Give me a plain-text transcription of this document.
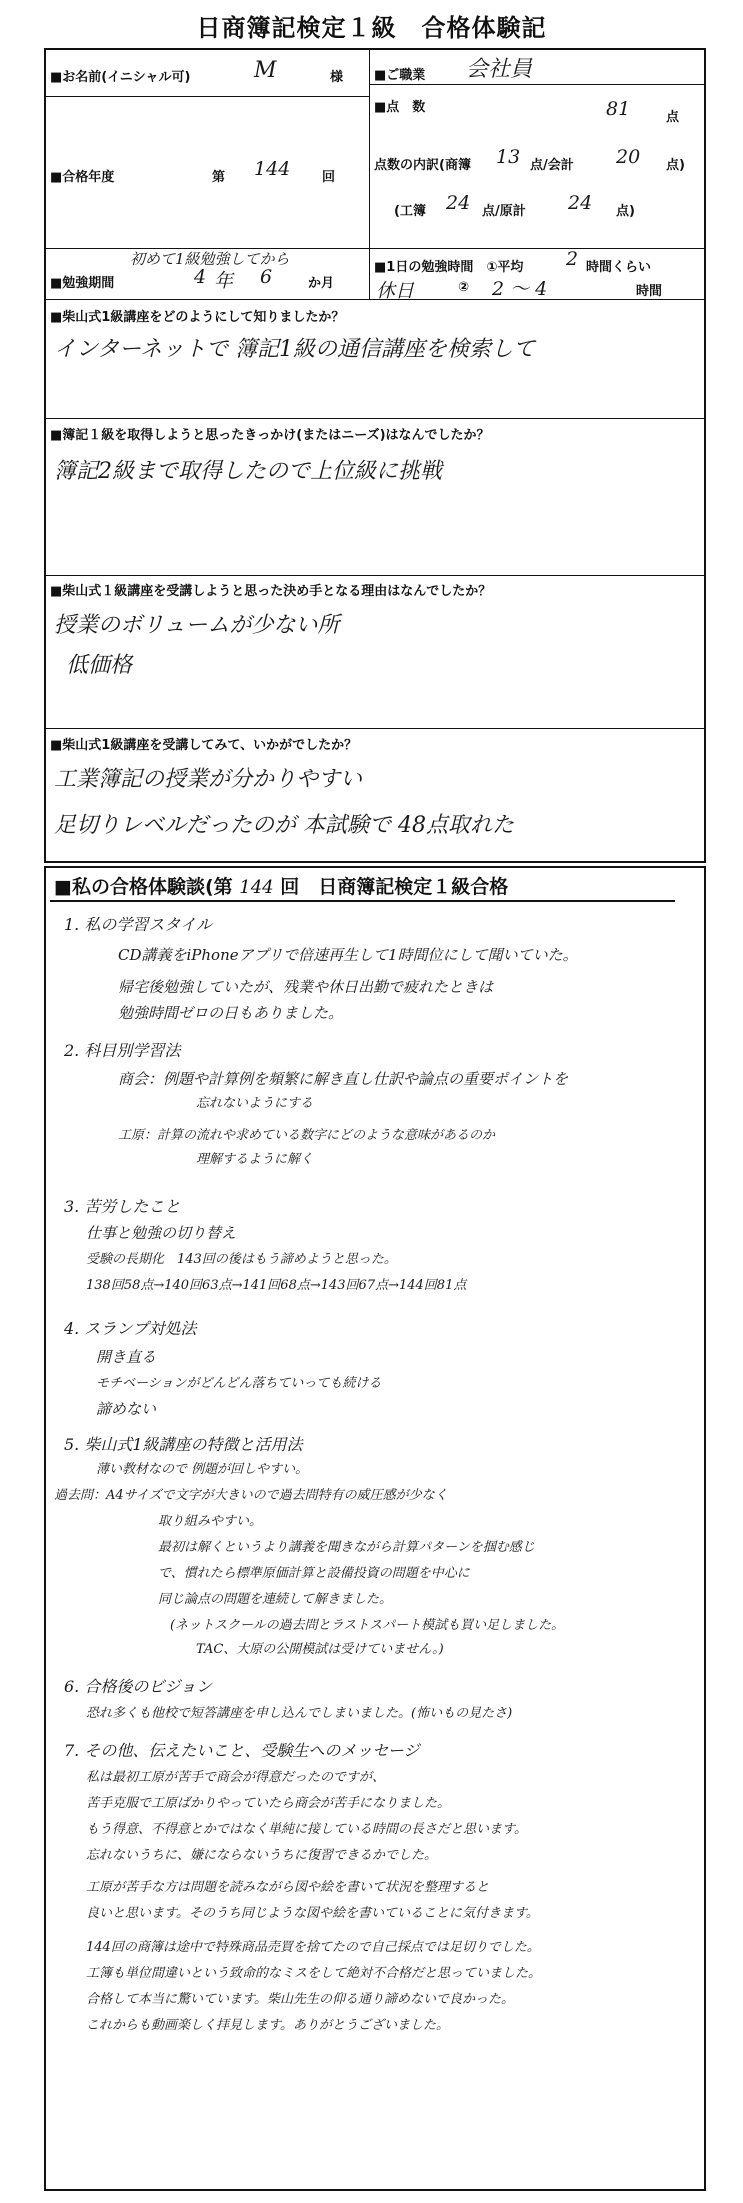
日商簿記検定１級　合格体験記
■お名前(イニシャル可)	M	様 ■ご職業 会社員
■合格年度	第 144 回
■点　数	81	点
点数の内訳(商簿 13 点/会計 20 点)
(工簿 24 点/原計 24 点)
■勉強期間
初めて1級勉強してから
4 年 6	か月
■1日の勉強時間　①平均 2 時間くらい
休日	② 2 ～ 4	時間
■柴山式1級講座をどのようにして知りましたか？
インターネットで 簿記1級の通信講座を検索して
■簿記１級を取得しようと思ったきっかけ(またはニーズ)はなんでしたか？
簿記2級まで取得したので上位級に挑戦
■柴山式１級講座を受講しようと思った決め手となる理由はなんでしたか？
授業のボリュームが少ない所
低価格
■柴山式1級講座を受講してみて、いかがでしたか？
工業簿記の授業が分かりやすい
足切りレベルだったのが 本試験で 48点取れた
■私の合格体験談(第 144 回　日商簿記検定１級合格
1. 私の学習スタイル
CD講義をiPhoneアプリで倍速再生して1時間位にして聞いていた。
帰宅後勉強していたが、残業や休日出勤で疲れたときは
勉強時間ゼロの日もありました。
2. 科目別学習法
商会：例題や計算例を頻繁に解き直し仕訳や論点の重要ポイントを
忘れないようにする
工原：計算の流れや求めている数字にどのような意味があるのか
理解するように解く
3. 苦労したこと
仕事と勉強の切り替え
受験の長期化　143回の後はもう諦めようと思った。
138回58点→140回63点→141回68点→143回67点→144回81点
4. スランプ対処法
開き直る
モチベーションがどんどん落ちていっても続ける
諦めない
5. 柴山式1級講座の特徴と活用法
薄い教材なので 例題が回しやすい。
過去問：A4サイズで文字が大きいので過去問特有の威圧感が少なく
取り組みやすい。
最初は解くというより講義を聞きながら計算パターンを掴む感じ
で、慣れたら標準原価計算と設備投資の問題を中心に
同じ論点の問題を連続して解きました。
(ネットスクールの過去問とラストスパート模試も買い足しました。
TAC、大原の公開模試は受けていません。)
6. 合格後のビジョン
恐れ多くも他校で短答講座を申し込んでしまいました。(怖いもの見たさ)
7. その他、伝えたいこと、受験生へのメッセージ
私は最初工原が苦手で商会が得意だったのですが、
苦手克服で工原ばかりやっていたら商会が苦手になりました。
もう得意、不得意とかではなく単純に接している時間の長さだと思います。
忘れないうちに、嫌にならないうちに復習できるかでした。
工原が苦手な方は問題を読みながら図や絵を書いて状況を整理すると
良いと思います。そのうち同じような図や絵を書いていることに気付きます。
144回の商簿は途中で特殊商品売買を捨てたので自己採点では足切りでした。
工簿も単位間違いという致命的なミスをして絶対不合格だと思っていました。
合格して本当に驚いています。柴山先生の仰る通り諦めないで良かった。
これからも動画楽しく拝見します。ありがとうございました。
